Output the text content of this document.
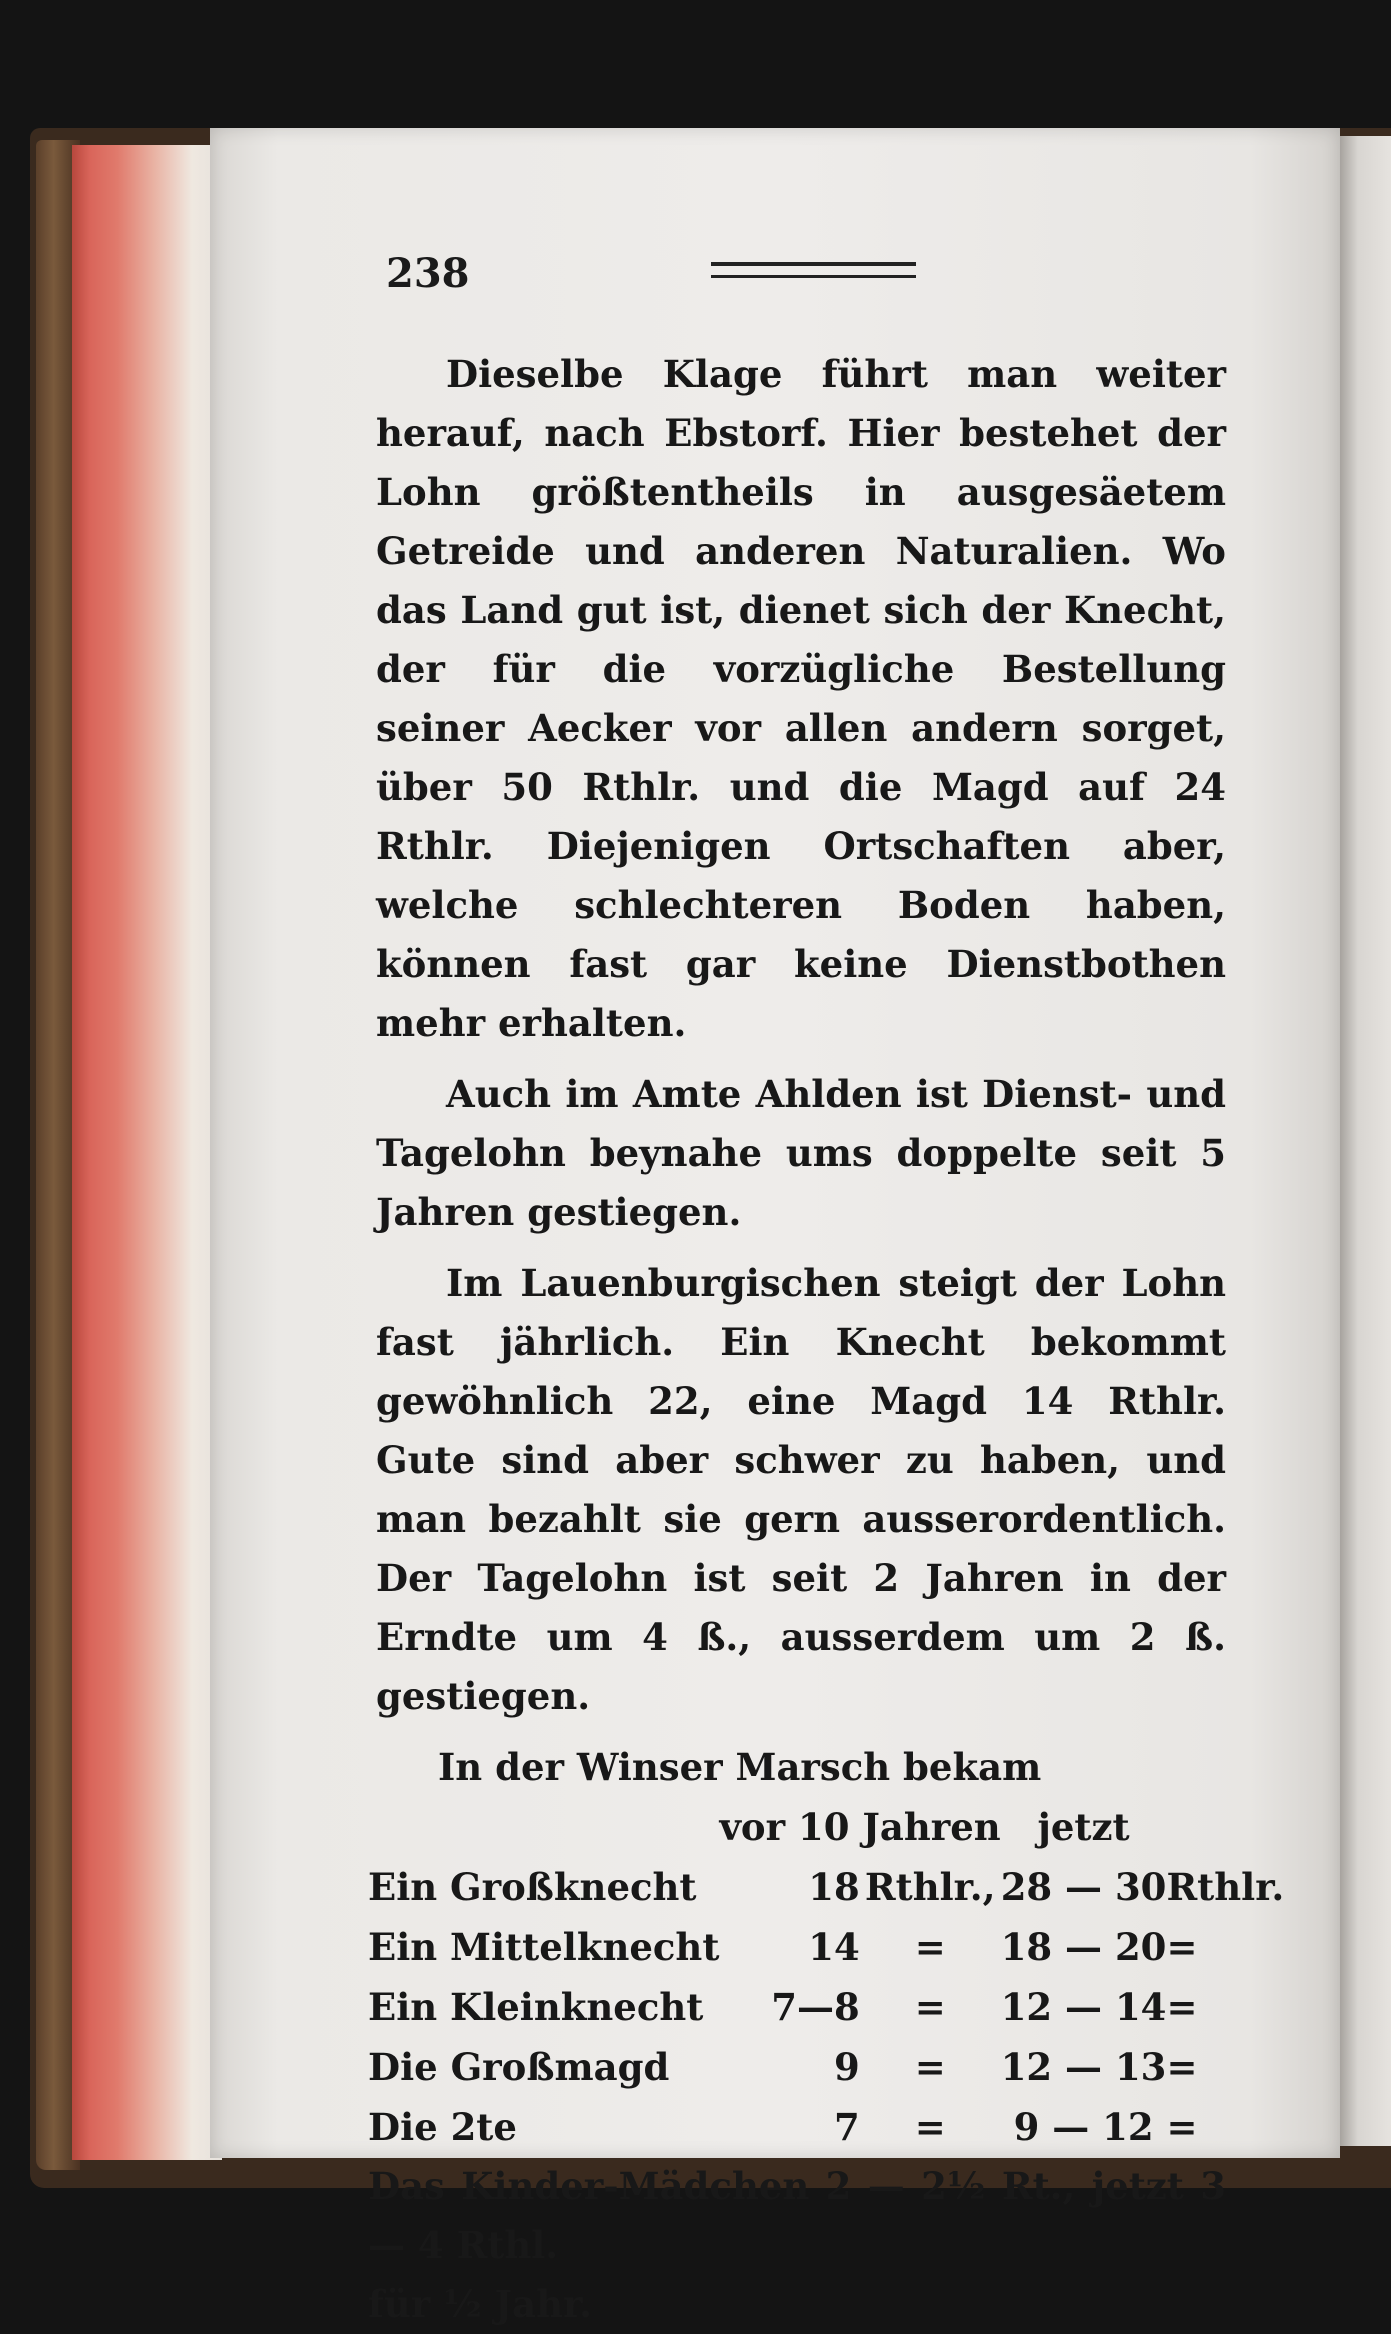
238

Dieselbe Klage führt man weiter herauf, nach Ebstorf. Hier bestehet der Lohn größtentheils in ausgesäetem Getreide und anderen Naturalien. Wo das Land gut ist, dienet sich der Knecht, der für die vorzügliche Bestellung seiner Aecker vor allen andern sorget, über 50 Rthlr. und die Magd auf 24 Rthlr. Diejenigen Ortschaften aber, welche schlechteren Boden haben, können fast gar keine Dienstbothen mehr erhalten.

Auch im Amte Ahlden ist Dienst- und Tagelohn beynahe ums doppelte seit 5 Jahren gestiegen.

Im Lauenburgischen steigt der Lohn fast jährlich. Ein Knecht bekommt gewöhnlich 22, eine Magd 14 Rthlr. Gute sind aber schwer zu haben, und man bezahlt sie gern ausserordentlich. Der Tagelohn ist seit 2 Jahren in der Erndte um 4 ß., ausserdem um 2 ß. gestiegen.

In der Winser Marsch bekam

	vor 10 Jahren		jetzt	
Ein Großknecht	18	Rthlr.,		28 — 30	Rthlr.
Ein Mittelknecht	14	=		18 — 20	=
Ein Kleinknecht	7—8	=		12 — 14	=
Die Großmagd	9	=		12 — 13	=
Die 2te	7	=		9 — 12	=

Das Kinder-Mädchen 2 — 2½ Rt., jetzt 3 — 4 Rthl.

für ½ Jahr.
